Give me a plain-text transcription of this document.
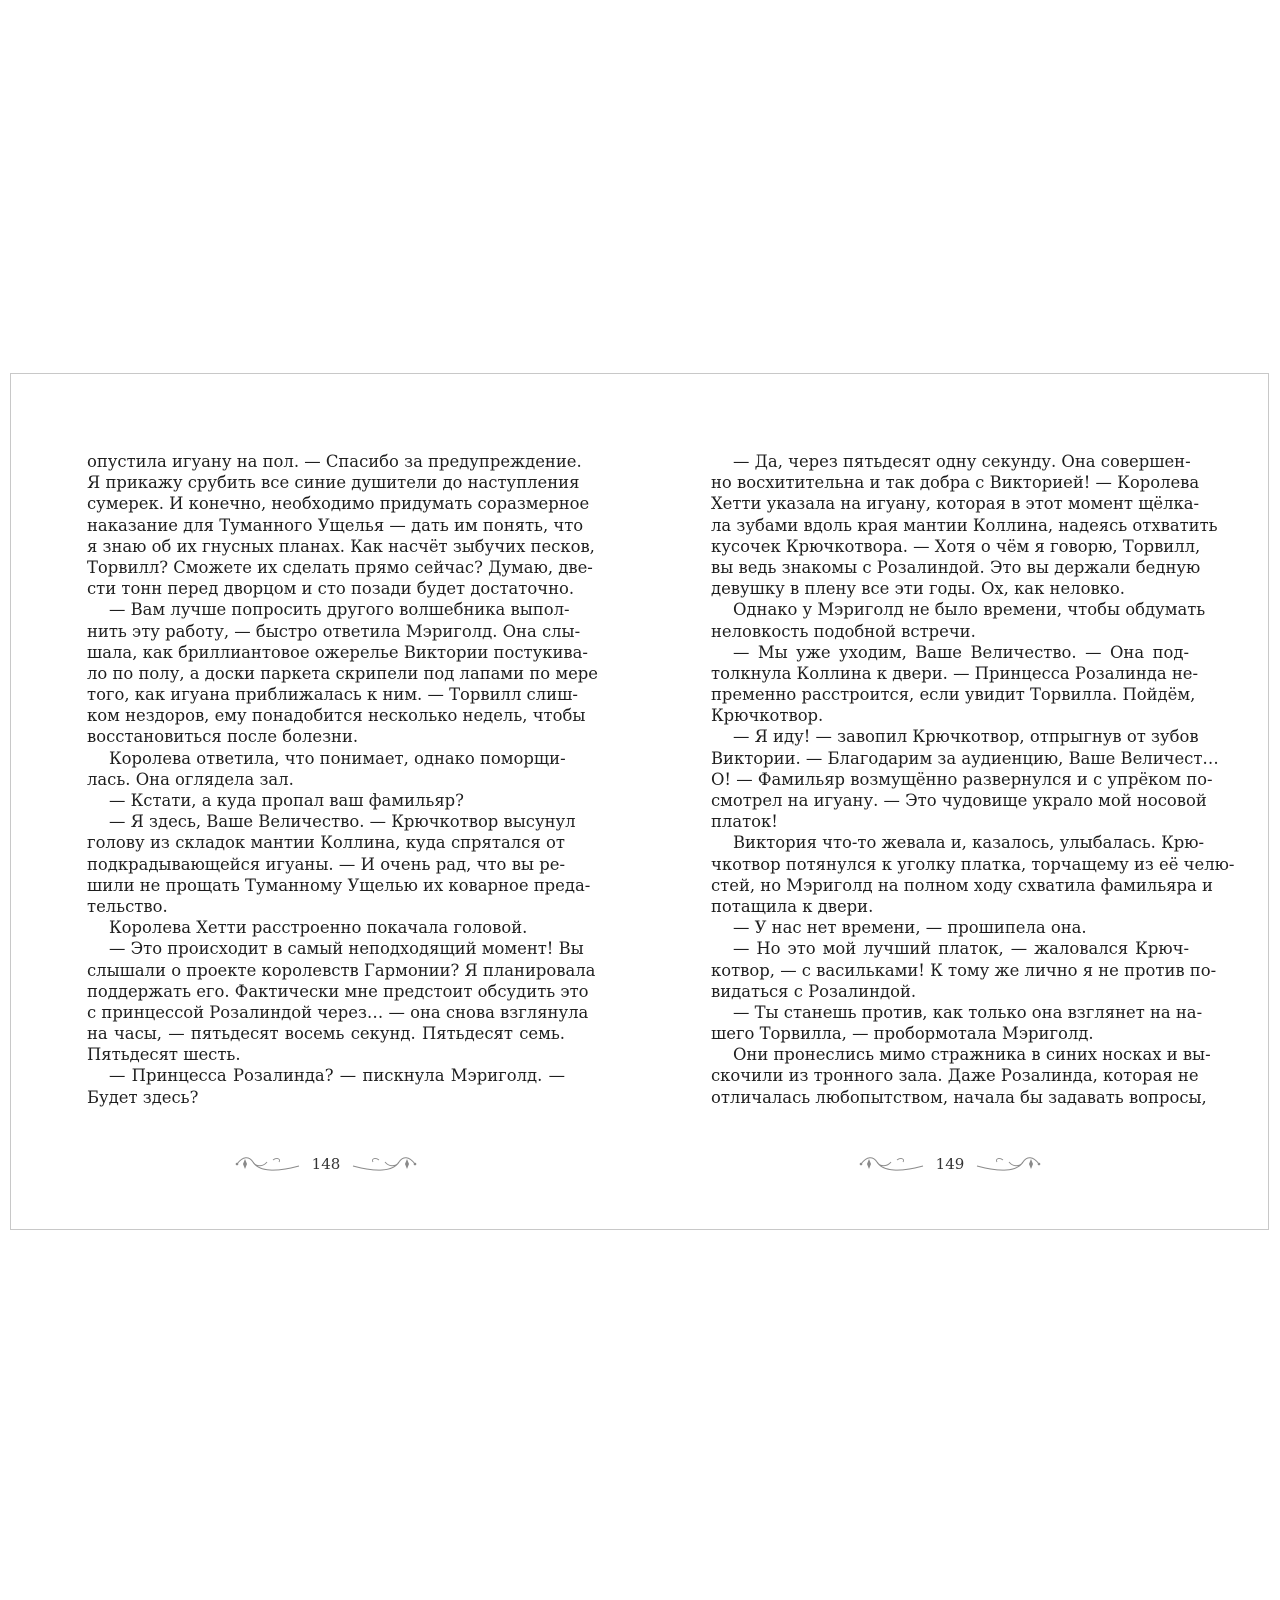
опустила игуану на пол. — Спасибо за предупреждение.
Я прикажу срубить все синие душители до наступления
сумерек. И конечно, необходимо придумать соразмерное
наказание для Туманного Ущелья — дать им понять, что
я знаю об их гнусных планах. Как насчёт зыбучих песков,
Торвилл? Сможете их сделать прямо сейчас? Думаю, две-
сти тонн перед дворцом и сто позади будет достаточно.
— Вам лучше попросить другого волшебника выпол-
нить эту работу, — быстро ответила Мэриголд. Она слы-
шала, как бриллиантовое ожерелье Виктории постукива-
ло по полу, а доски паркета скрипели под лапами по мере
того, как игуана приближалась к ним. — Торвилл слиш-
ком нездоров, ему понадобится несколько недель, чтобы
восстановиться после болезни.
Королева ответила, что понимает, однако поморщи-
лась. Она оглядела зал.
— Кстати, а куда пропал ваш фамильяр?
— Я здесь, Ваше Величество. — Крючкотвор высунул
голову из складок мантии Коллина, куда спрятался от
подкрадывающейся игуаны. — И очень рад, что вы ре-
шили не прощать Туманному Ущелью их коварное преда-
тельство.
Королева Хетти расстроенно покачала головой.
— Это происходит в самый неподходящий момент! Вы
слышали о проекте королевств Гармонии? Я планировала
поддержать его. Фактически мне предстоит обсудить это
с принцессой Розалиндой через… — она снова взглянула
на часы, — пятьдесят восемь секунд. Пятьдесят семь.
Пятьдесят шесть.
— Принцесса Розалинда? — пискнула Мэриголд. —
Будет здесь?
— Да, через пятьдесят одну секунду. Она совершен-
но восхитительна и так добра с Викторией! — Королева
Хетти указала на игуану, которая в этот момент щёлка-
ла зубами вдоль края мантии Коллина, надеясь отхватить
кусочек Крючкотвора. — Хотя о чём я говорю, Торвилл,
вы ведь знакомы с Розалиндой. Это вы держали бедную
девушку в плену все эти годы. Ох, как неловко.
Однако у Мэриголд не было времени, чтобы обдумать
неловкость подобной встречи.
— Мы уже уходим, Ваше Величество. — Она под-
толкнула Коллина к двери. — Принцесса Розалинда не-
пременно расстроится, если увидит Торвилла. Пойдём,
Крючкотвор.
— Я иду! — завопил Крючкотвор, отпрыгнув от зубов
Виктории. — Благодарим за аудиенцию, Ваше Величест…
О! — Фамильяр возмущённо развернулся и с упрёком по-
смотрел на игуану. — Это чудовище украло мой носовой
платок!
Виктория что-то жевала и, казалось, улыбалась. Крю-
чкотвор потянулся к уголку платка, торчащему из её челю-
стей, но Мэриголд на полном ходу схватила фамильяра и
потащила к двери.
— У нас нет времени, — прошипела она.
— Но это мой лучший платок, — жаловался Крюч-
котвор, — с васильками! К тому же лично я не против по-
видаться с Розалиндой.
— Ты станешь против, как только она взглянет на на-
шего Торвилла, — пробормотала Мэриголд.
Они пронеслись мимо стражника в синих носках и вы-
скочили из тронного зала. Даже Розалинда, которая не
отличалась любопытством, начала бы задавать вопросы,
148	149
